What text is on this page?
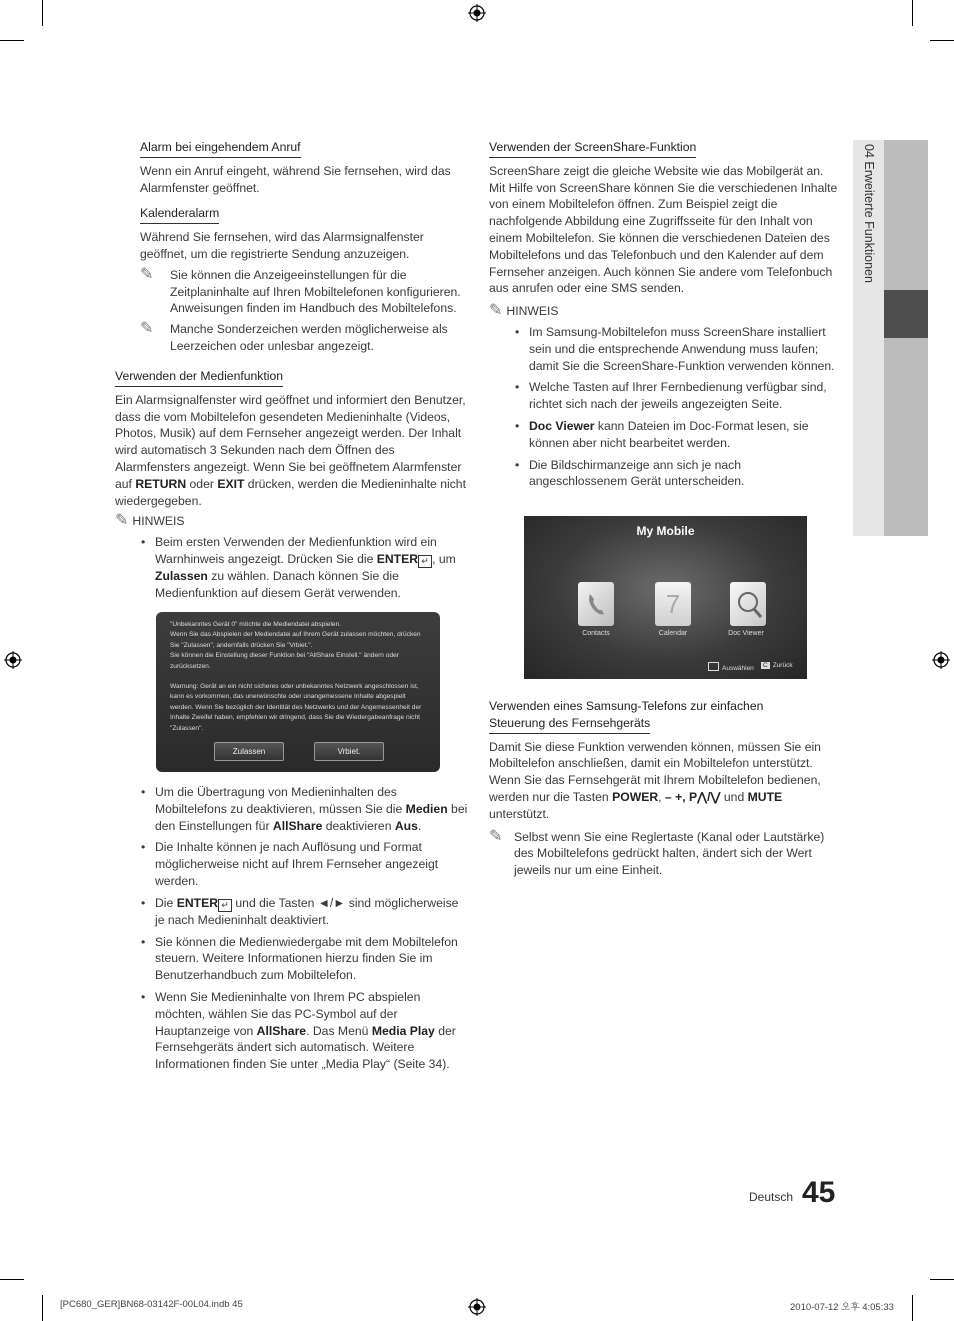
04 Erweiterte Funktionen
Alarm bei eingehendem Anruf

Wenn ein Anruf eingeht, während Sie fernsehen, wird das Alarmfenster geöffnet.

Kalenderalarm

Während Sie fernsehen, wird das Alarmsignalfenster geöffnet, um die registrierte Sendung anzuzeigen.

✎ Sie können die Anzeigeeinstellungen für die Zeitplaninhalte auf Ihren Mobiltelefonen konfigurieren. Anweisungen finden im Handbuch des Mobiltelefons.
✎ Manche Sonderzeichen werden möglicherweise als Leerzeichen oder unlesbar angezeigt.
Verwenden der Medienfunktion

Ein Alarmsignalfenster wird geöffnet und informiert den Benutzer, dass die vom Mobiltelefon gesendeten Medieninhalte (Videos, Photos, Musik) auf dem Fernseher angezeigt werden. Der Inhalt wird automatisch 3 Sekunden nach dem Öffnen des Alarmfensters angezeigt. Wenn Sie bei geöffnetem Alarmfenster auf RETURN oder EXIT drücken, werden die Medieninhalte nicht wiedergegeben.

✎ HINWEIS
• Beim ersten Verwenden der Medienfunktion wird ein Warnhinweis angezeigt. Drücken Sie die ENTER ↵ , um Zulassen zu wählen. Danach können Sie die Medienfunktion auf diesem Gerät verwenden.
"Unbekanntes Gerät 0" möchte die Mediendatei abspielen.
Wenn Sie das Abspielen der Mediendatei auf Ihrem Gerät zulassen möchten, drücken Sie "Zulassen", andernfalls drücken Sie "Vrbiet.".
Sie können die Einstellung dieser Funktion bei "AllShare Einstell." ändern oder zurücksetzen.
Warnung: Gerät an ein nicht sicheres oder unbekanntes Netzwerk angeschlossen ist, kann es vorkommen, das unerwünschte oder unangemessene Inhalte abgespielt werden. Wenn Sie bezüglich der Identität des Netzwerks und der Angemessenheit der Inhalte Zweifel haben, empfehlen wir dringend, dass Sie die Wiedergabeanfrage nicht "Zulassen".
Zulassen	Vrbiet.
• Um die Übertragung von Medieninhalten des Mobiltelefons zu deaktivieren, müssen Sie die Medien bei den Einstellungen für AllShare deaktivieren Aus.
• Die Inhalte können je nach Auflösung und Format möglicherweise nicht auf Ihrem Fernseher angezeigt werden.
• Die ENTER ↵ und die Tasten ◄/► sind möglicherweise je nach Medieninhalt deaktiviert.
• Sie können die Medienwiedergabe mit dem Mobiltelefon steuern. Weitere Informationen hierzu finden Sie im Benutzerhandbuch zum Mobiltelefon.
• Wenn Sie Medieninhalte von Ihrem PC abspielen möchten, wählen Sie das PC-Symbol auf der Hauptanzeige von AllShare. Das Menü Media Play der Fernsehgeräts ändert sich automatisch. Weitere Informationen finden Sie unter „Media Play“ (Seite 34).
Verwenden der ScreenShare-Funktion

ScreenShare zeigt die gleiche Website wie das Mobilgerät an. Mit Hilfe von ScreenShare können Sie die verschiedenen Inhalte von einem Mobiltelefon öffnen. Zum Beispiel zeigt die nachfolgende Abbildung eine Zugriffsseite für den Inhalt von einem Mobiltelefon. Sie können die verschiedenen Dateien des Mobiltelefons und das Telefonbuch und den Kalender auf dem Fernseher anzeigen. Auch können Sie andere vom Telefonbuch aus anrufen oder eine SMS senden.

✎ HINWEIS
• Im Samsung-Mobiltelefon muss ScreenShare installiert sein und die entsprechende Anwendung muss laufen; damit Sie die ScreenShare-Funktion verwenden können.
• Welche Tasten auf Ihrer Fernbedienung verfügbar sind, richtet sich nach der jeweils angezeigten Seite.
• Doc Viewer kann Dateien im Doc-Format lesen, sie können aber nicht bearbeitet werden.
• Die Bildschirmanzeige ann sich je nach angeschlossenem Gerät unterscheiden.
My Mobile
7
Contacts	Calendar	Doc Viewer
Auswählen	C Zurück
Verwenden eines Samsung-Telefons zur einfachen
Steuerung des Fernsehgeräts

Damit Sie diese Funktion verwenden können, müssen Sie ein Mobiltelefon anschließen, damit ein Mobiltelefon unterstützt. Wenn Sie das Fernsehgerät mit Ihrem Mobiltelefon bedienen, werden nur die Tasten POWER, – +, P⋀/⋁ und MUTE unterstützt.

✎ Selbst wenn Sie eine Reglertaste (Kanal oder Lautstärke) des Mobiltelefons gedrückt halten, ändert sich der Wert jeweils nur um eine Einheit.
Deutsch 45
[PC680_GER]BN68-03142F-00L04.indb 45	2010-07-12 오후 4:05:33
